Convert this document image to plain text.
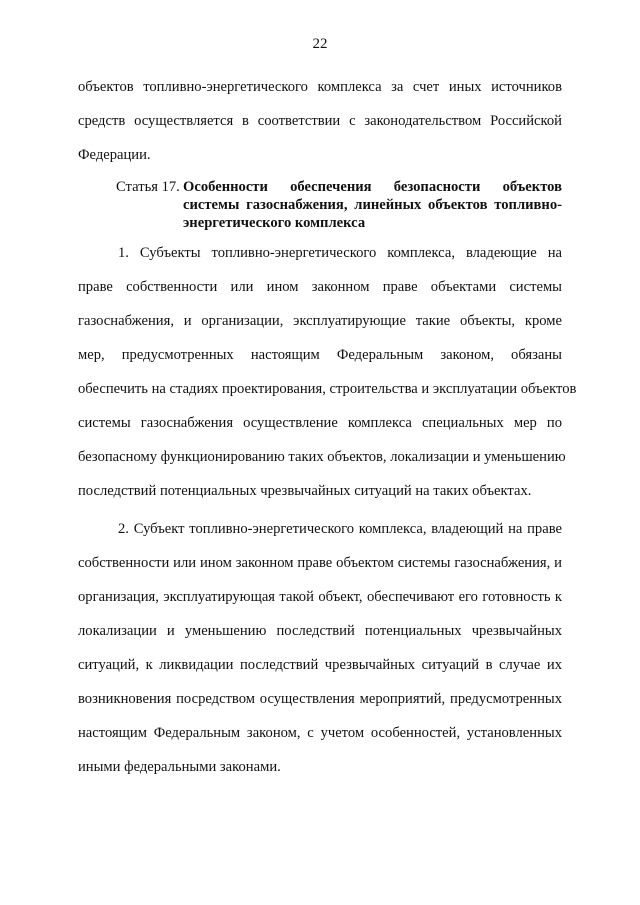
22
объектов топливно-энергетического комплекса за счет иных источников
средств осуществляется в соответствии с законодательством Российской
Федерации.
Статья 17. Особенности обеспечения безопасности объектов
системы газоснабжения, линейных объектов топливно-
энергетического комплекса
1. Субъекты топливно-энергетического комплекса, владеющие на
праве собственности или ином законном праве объектами системы
газоснабжения, и организации, эксплуатирующие такие объекты, кроме
мер, предусмотренных настоящим Федеральным законом, обязаны
обеспечить на стадиях проектирования, строительства и эксплуатации объектов
системы газоснабжения осуществление комплекса специальных мер по
безопасному функционированию таких объектов, локализации и уменьшению
последствий потенциальных чрезвычайных ситуаций на таких объектах.
2. Субъект топливно-энергетического комплекса, владеющий на праве
собственности или ином законном праве объектом системы газоснабжения, и
организация, эксплуатирующая такой объект, обеспечивают его готовность к
локализации и уменьшению последствий потенциальных чрезвычайных
ситуаций, к ликвидации последствий чрезвычайных ситуаций в случае их
возникновения посредством осуществления мероприятий, предусмотренных
настоящим Федеральным законом, с учетом особенностей, установленных
иными федеральными законами.
